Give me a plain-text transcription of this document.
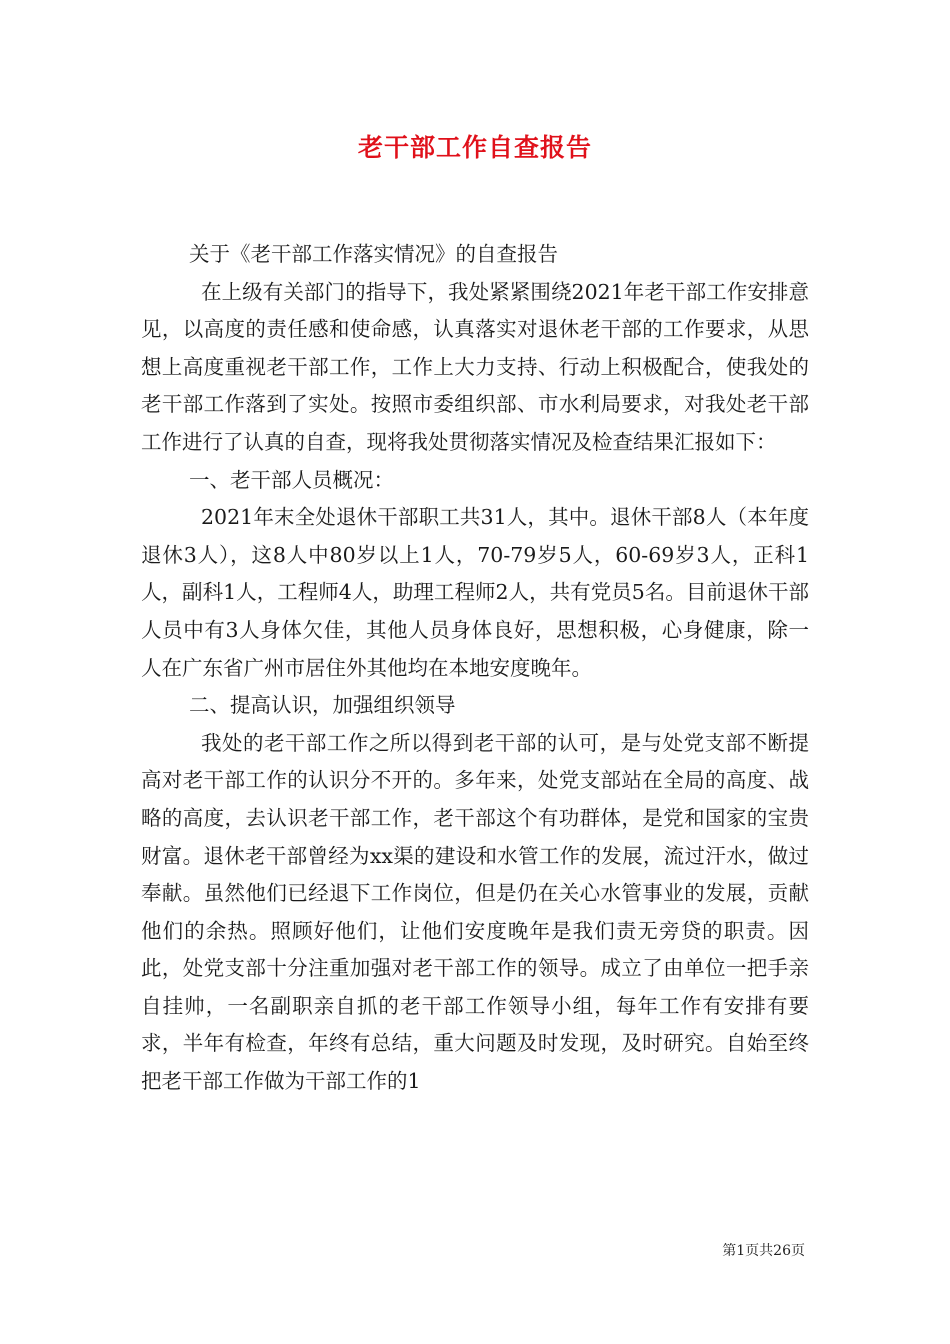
老干部工作自查报告

关于《老干部工作落实情况》的自查报告

在上级有关部门的指导下，我处紧紧围绕2021年老干部工作安排意见，以高度的责任感和使命感，认真落实对退休老干部的工作要求，从思想上高度重视老干部工作，工作上大力支持、行动上积极配合，使我处的老干部工作落到了实处。按照市委组织部、市水利局要求，对我处老干部工作进行了认真的自查，现将我处贯彻落实情况及检查结果汇报如下：

一、老干部人员概况：

2021年末全处退休干部职工共31人，其中。退休干部8人（本年度退休3人），这8人中80岁以上1人，70-79岁5人，60-69岁3人，正科1人，副科1人，工程师4人，助理工程师2人，共有党员5名。目前退休干部人员中有3人身体欠佳，其他人员身体良好，思想积极，心身健康，除一人在广东省广州市居住外其他均在本地安度晚年。

二、提高认识，加强组织领导

我处的老干部工作之所以得到老干部的认可，是与处党支部不断提高对老干部工作的认识分不开的。多年来，处党支部站在全局的高度、战略的高度，去认识老干部工作，老干部这个有功群体，是党和国家的宝贵财富。退休老干部曾经为xx渠的建设和水管工作的发展，流过汗水，做过奉献。虽然他们已经退下工作岗位，但是仍在关心水管事业的发展，贡献他们的余热。照顾好他们，让他们安度晚年是我们责无旁贷的职责。因此，处党支部十分注重加强对老干部工作的领导。成立了由单位一把手亲自挂帅，一名副职亲自抓的老干部工作领导小组，每年工作有安排有要求，半年有检查，年终有总结，重大问题及时发现，及时研究。自始至终把老干部工作做为干部工作的1

第1页共26页
